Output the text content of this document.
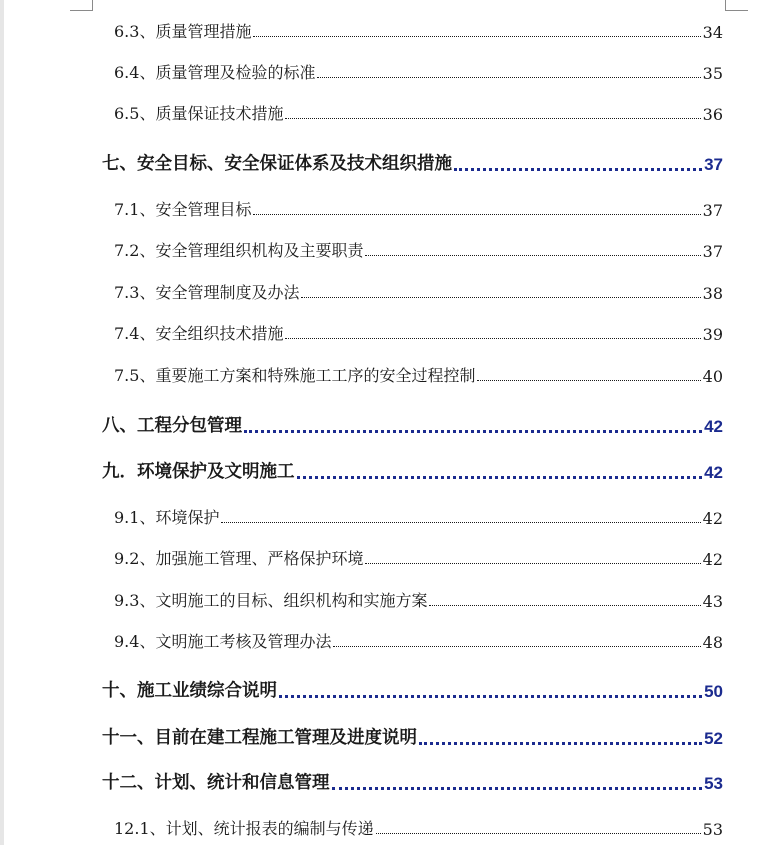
6.3、质量管理措施	34
6.4、质量管理及检验的标准	35
6.5、质量保证技术措施	36
七、安全目标、安全保证体系及技术组织措施	37
7.1、安全管理目标	37
7.2、安全管理组织机构及主要职责	37
7.3、安全管理制度及办法	38
7.4、安全组织技术措施	39
7.5、重要施工方案和特殊施工工序的安全过程控制	40
八、工程分包管理	42
九．环境保护及文明施工	42
9.1、环境保护	42
9.2、加强施工管理、严格保护环境	42
9.3、文明施工的目标、组织机构和实施方案	43
9.4、文明施工考核及管理办法	48
十、施工业绩综合说明	50
十一、目前在建工程施工管理及进度说明	52
十二、计划、统计和信息管理	53
12.1、计划、统计报表的编制与传递	53
